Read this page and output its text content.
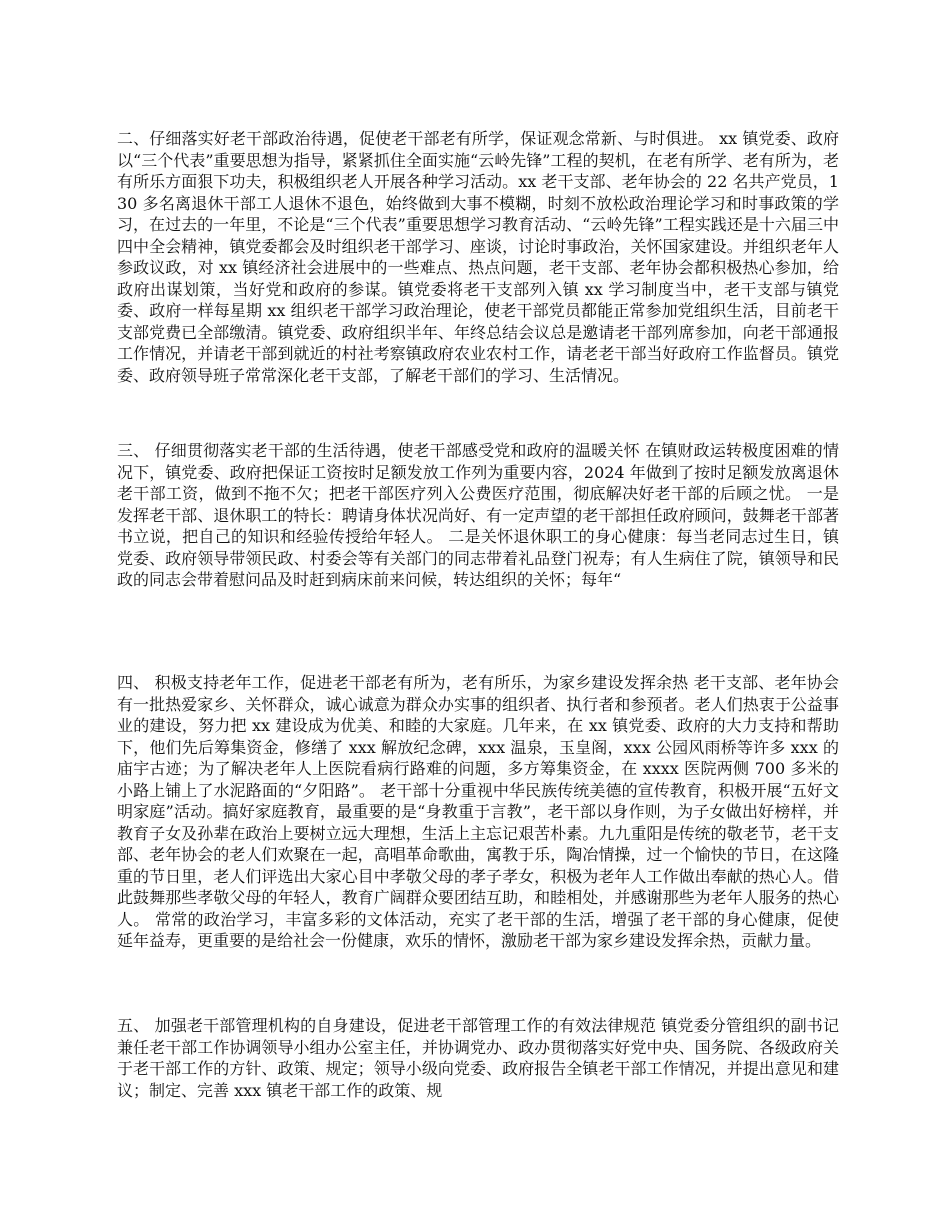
二、仔细落实好老干部政治待遇，促使老干部老有所学，保证观念常新、与时俱进。 xx 镇党委、政府以“三个代表”重要思想为指导，紧紧抓住全面实施“云岭先锋”工程的契机，在老有所学、老有所为，老有所乐方面狠下功夫，积极组织老人开展各种学习活动。xx 老干支部、老年协会的 22 名共产党员，130 多名离退休干部工人退休不退色，始终做到大事不模糊，时刻不放松政治理论学习和时事政策的学习，在过去的一年里，不论是“三个代表”重要思想学习教育活动、“云岭先锋”工程实践还是十六届三中四中全会精神，镇党委都会及时组织老干部学习、座谈，讨论时事政治，关怀国家建设。并组织老年人参政议政，对 xx 镇经济社会进展中的一些难点、热点问题，老干支部、老年协会都积极热心参加，给政府出谋划策，当好党和政府的参谋。镇党委将老干支部列入镇 xx 学习制度当中，老干支部与镇党委、政府一样每星期 xx 组织老干部学习政治理论，使老干部党员都能正常参加党组织生活，目前老干支部党费已全部缴清。镇党委、政府组织半年、年终总结会议总是邀请老干部列席参加，向老干部通报工作情况，并请老干部到就近的村社考察镇政府农业农村工作，请老老干部当好政府工作监督员。镇党委、政府领导班子常常深化老干支部，了解老干部们的学习、生活情况。

三、 仔细贯彻落实老干部的生活待遇，使老干部感受党和政府的温暖关怀 在镇财政运转极度困难的情况下，镇党委、政府把保证工资按时足额发放工作列为重要内容，2024 年做到了按时足额发放离退休老干部工资，做到不拖不欠；把老干部医疗列入公费医疗范围，彻底解决好老干部的后顾之忧。 一是发挥老干部、退休职工的特长：聘请身体状况尚好、有一定声望的老干部担任政府顾问，鼓舞老干部著书立说，把自己的知识和经验传授给年轻人。 二是关怀退休职工的身心健康：每当老同志过生日，镇党委、政府领导带领民政、村委会等有关部门的同志带着礼品登门祝寿；有人生病住了院，镇领导和民政的同志会带着慰问品及时赶到病床前来问候，转达组织的关怀；每年“

四、 积极支持老年工作，促进老干部老有所为，老有所乐，为家乡建设发挥余热 老干支部、老年协会有一批热爱家乡、关怀群众，诚心诚意为群众办实事的组织者、执行者和参预者。老人们热衷于公益事业的建设，努力把 xx 建设成为优美、和睦的大家庭。几年来，在 xx 镇党委、政府的大力支持和帮助下，他们先后筹集资金，修缮了 xxx 解放纪念碑，xxx 温泉，玉皇阁，xxx 公园风雨桥等许多 xxx 的庙宇古迹；为了解决老年人上医院看病行路难的问题，多方筹集资金，在 xxxx 医院两侧 700 多米的小路上铺上了水泥路面的“夕阳路”。 老干部十分重视中华民族传统美德的宣传教育，积极开展“五好文明家庭”活动。搞好家庭教育，最重要的是“身教重于言教”，老干部以身作则，为子女做出好榜样，并教育子女及孙辈在政治上要树立远大理想，生活上主忘记艰苦朴素。九九重阳是传统的敬老节，老干支部、老年协会的老人们欢聚在一起，高唱革命歌曲，寓教于乐，陶冶情操，过一个愉快的节日，在这隆重的节日里，老人们评选出大家心目中孝敬父母的孝子孝女，积极为老年人工作做出奉献的热心人。借此鼓舞那些孝敬父母的年轻人，教育广阔群众要团结互助，和睦相处，并感谢那些为老年人服务的热心人。 常常的政治学习，丰富多彩的文体活动，充实了老干部的生活，增强了老干部的身心健康，促使延年益寿，更重要的是给社会一份健康，欢乐的情怀，激励老干部为家乡建设发挥余热，贡献力量。

五、 加强老干部管理机构的自身建设，促进老干部管理工作的有效法律规范 镇党委分管组织的副书记兼任老干部工作协调领导小组办公室主任，并协调党办、政办贯彻落实好党中央、国务院、各级政府关于老干部工作的方针、政策、规定；领导小级向党委、政府报告全镇老干部工作情况，并提出意见和建议；制定、完善 xxx 镇老干部工作的政策、规
